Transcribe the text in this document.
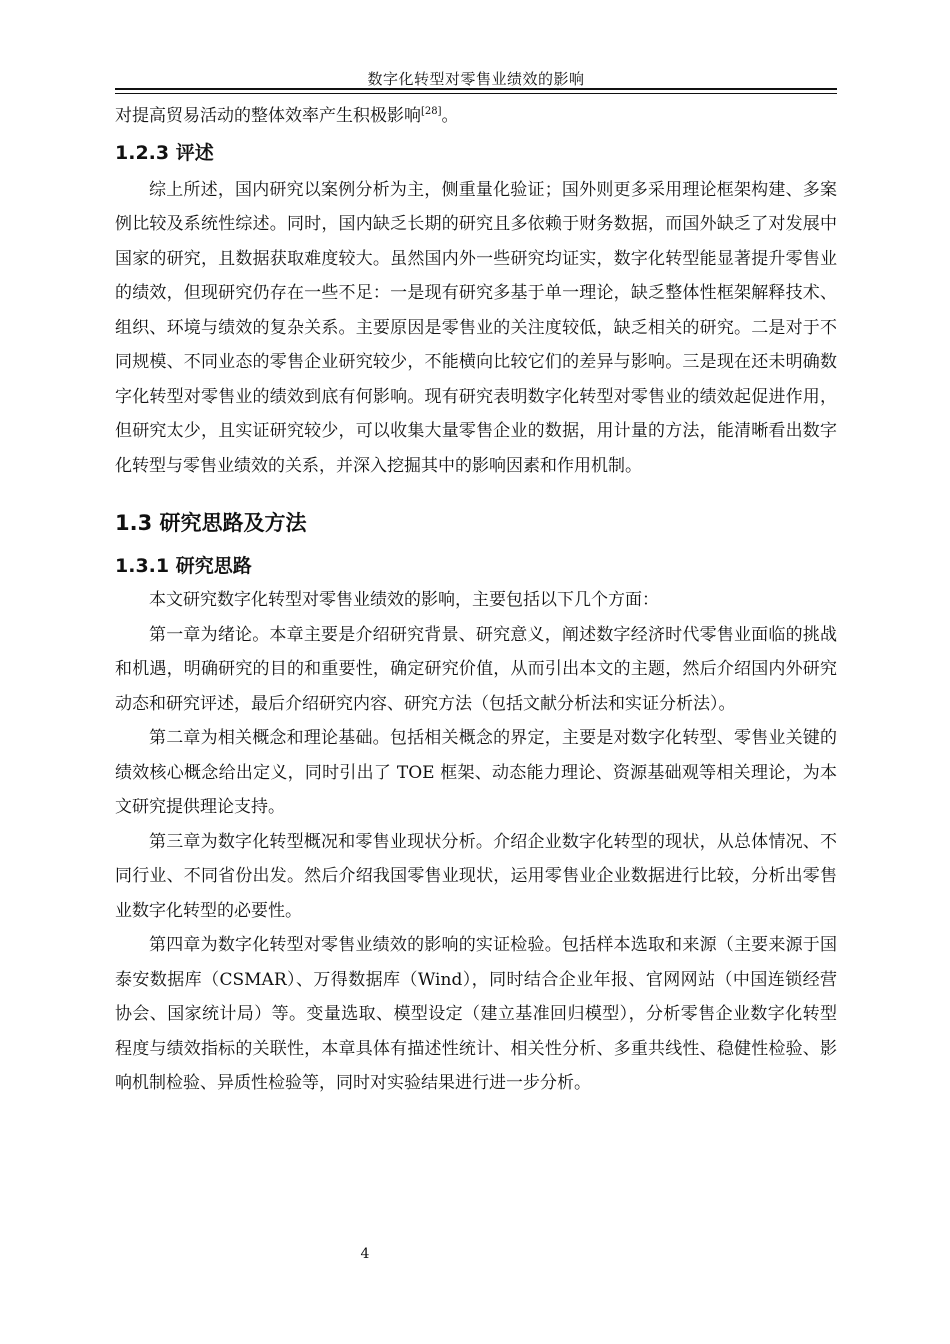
数字化转型对零售业绩效的影响

对提高贸易活动的整体效率产生积极影响[28]。

1.2.3 评述

综上所述，国内研究以案例分析为主，侧重量化验证；国外则更多采用理论框架构建、多案例比较及系统性综述。同时，国内缺乏长期的研究且多依赖于财务数据，而国外缺乏了对发展中国家的研究，且数据获取难度较大。虽然国内外一些研究均证实，数字化转型能显著提升零售业的绩效，但现研究仍存在一些不足：一是现有研究多基于单一理论，缺乏整体性框架解释技术、组织、环境与绩效的复杂关系。主要原因是零售业的关注度较低，缺乏相关的研究。二是对于不同规模、不同业态的零售企业研究较少，不能横向比较它们的差异与影响。三是现在还未明确数字化转型对零售业的绩效到底有何影响。现有研究表明数字化转型对零售业的绩效起促进作用，但研究太少，且实证研究较少，可以收集大量零售企业的数据，用计量的方法，能清晰看出数字化转型与零售业绩效的关系，并深入挖掘其中的影响因素和作用机制。

1.3 研究思路及方法
1.3.1 研究思路

本文研究数字化转型对零售业绩效的影响，主要包括以下几个方面：

第一章为绪论。本章主要是介绍研究背景、研究意义，阐述数字经济时代零售业面临的挑战和机遇，明确研究的目的和重要性，确定研究价值，从而引出本文的主题，然后介绍国内外研究动态和研究评述，最后介绍研究内容、研究方法（包括文献分析法和实证分析法）。

第二章为相关概念和理论基础。包括相关概念的界定，主要是对数字化转型、零售业关键的绩效核心概念给出定义，同时引出了 TOE 框架、动态能力理论、资源基础观等相关理论，为本文研究提供理论支持。

第三章为数字化转型概况和零售业现状分析。介绍企业数字化转型的现状，从总体情况、不同行业、不同省份出发。然后介绍我国零售业现状，运用零售业企业数据进行比较，分析出零售业数字化转型的必要性。

第四章为数字化转型对零售业绩效的影响的实证检验。包括样本选取和来源（主要来源于国泰安数据库（CSMAR）、万得数据库（Wind），同时结合企业年报、官网网站（中国连锁经营协会、国家统计局）等。变量选取、模型设定（建立基准回归模型），分析零售企业数字化转型程度与绩效指标的关联性，本章具体有描述性统计、相关性分析、多重共线性、稳健性检验、影响机制检验、异质性检验等，同时对实验结果进行进一步分析。

4
